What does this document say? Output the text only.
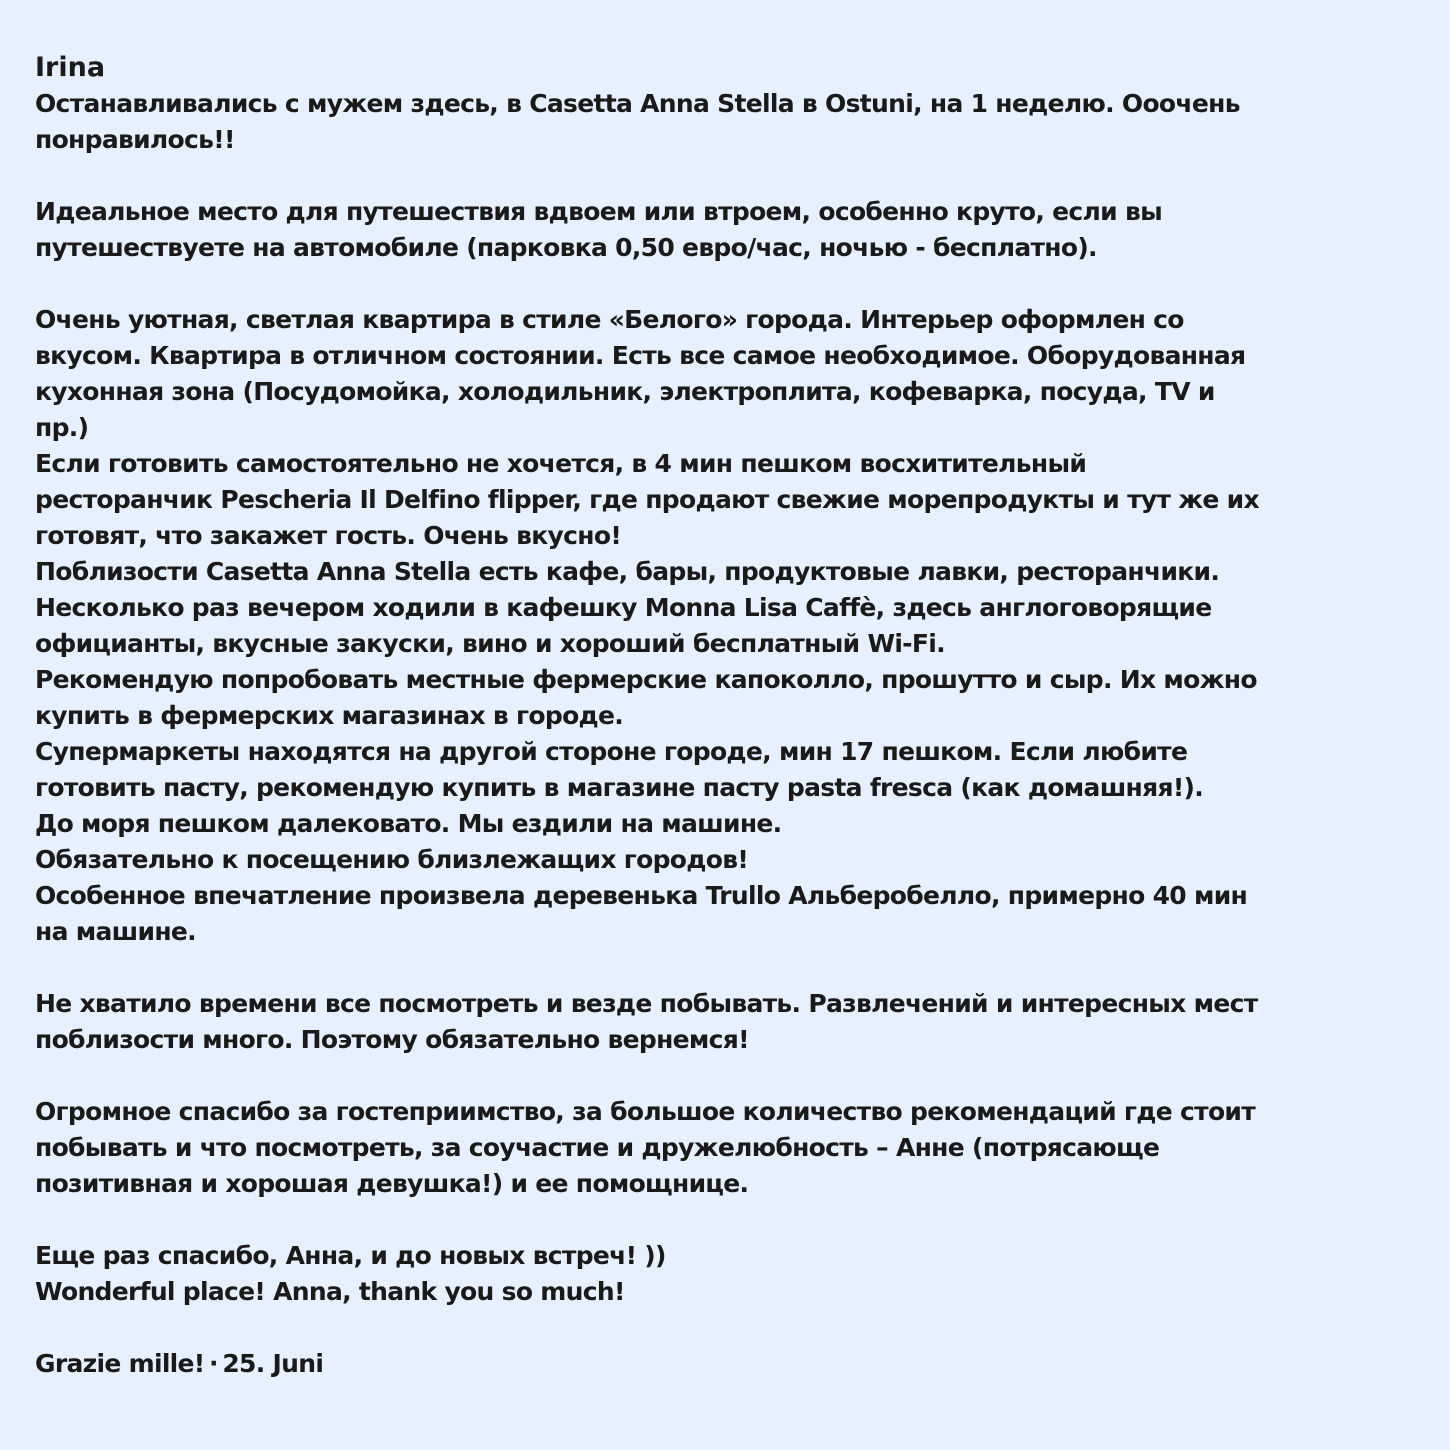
Irina
Останавливались с мужем здесь, в Casetta Anna Stella в Ostuni, на 1 неделю. Ооочень
понравилось!!
Идеальное место для путешествия вдвоем или втроем, особенно круто, если вы
путешествуете на автомобиле (парковка 0,50 евро/час, ночью - бесплатно).
Очень уютная, светлая квартира в стиле «Белого» города. Интерьер оформлен со
вкусом. Квартира в отличном состоянии. Есть все самое необходимое. Оборудованная
кухонная зона (Посудомойка, холодильник, электроплита, кофеварка, посуда, TV и
пр.)
Если готовить самостоятельно не хочется, в 4 мин пешком восхитительный
ресторанчик Pescheria Il Delfino flipper, где продают свежие морепродукты и тут же их
готовят, что закажет гость. Очень вкусно!
Поблизости Casetta Anna Stella есть кафе, бары, продуктовые лавки, ресторанчики.
Несколько раз вечером ходили в кафешку Monna Lisa Caffè, здесь англоговорящие
официанты, вкусные закуски, вино и хороший бесплатный Wi-Fi.
Рекомендую попробовать местные фермерские капоколло, прошутто и сыр. Их можно
купить в фермерских магазинах в городе.
Супермаркеты находятся на другой стороне городе, мин 17 пешком. Если любите
готовить пасту, рекомендую купить в магазине пасту pasta fresca (как домашняя!).
До моря пешком далековато. Мы ездили на машине.
Обязательно к посещению близлежащих городов!
Особенное впечатление произвела деревенька Trullo Альберобелло, примерно 40 мин
на машине.
Не хватило времени все посмотреть и везде побывать. Развлечений и интересных мест
поблизости много. Поэтому обязательно вернемся!
Огромное спасибо за гостеприимство, за большое количество рекомендаций где стоит
побывать и что посмотреть, за соучастие и дружелюбность – Анне (потрясающе
позитивная и хорошая девушка!) и ее помощнице.
Еще раз спасибо, Анна, и до новых встреч! ))
Wonderful place! Anna, thank you so much!
Grazie mille! · 25. Juni
